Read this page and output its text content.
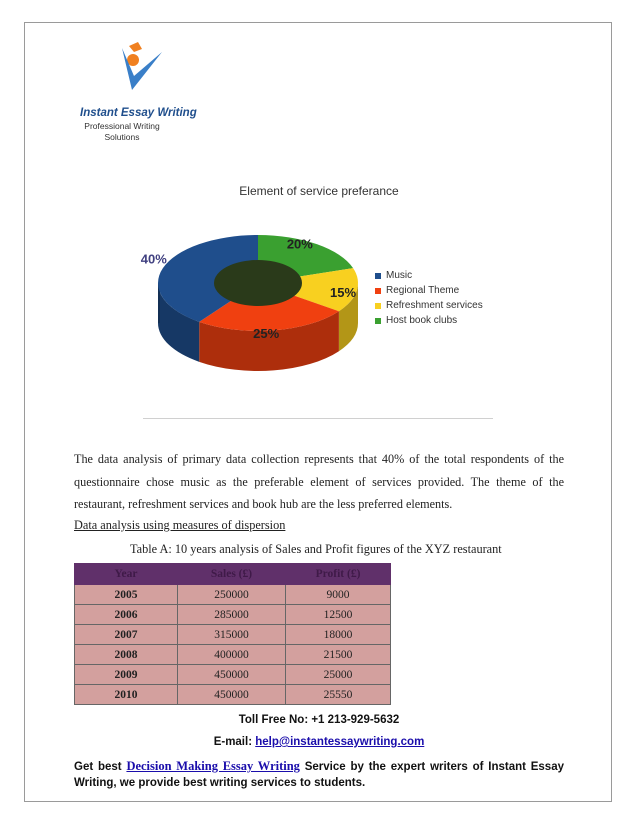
Instant Essay Writing
Professional Writing Solutions
Element of service preferance
40%
25%
15%
20%
Music
Regional Theme
Refreshment services
Host book clubs
The data analysis of primary data collection represents that 40% of the total respondents of the questionnaire chose music as the preferable element of services provided. The theme of the restaurant, refreshment services and book hub are the less preferred elements.
Data analysis using measures of dispersion
Table A: 10 years analysis of Sales and Profit figures of the XYZ restaurant
Year	Sales (£)	Profit (£)
2005	250000	9000
2006	285000	12500
2007	315000	18000
2008	400000	21500
2009	450000	25000
2010	450000	25550
Toll Free No: +1 213-929-5632
E-mail: help@instantessaywriting.com
Get best Decision Making Essay Writing Service by the expert writers of Instant Essay Writing, we provide best writing services to students.
